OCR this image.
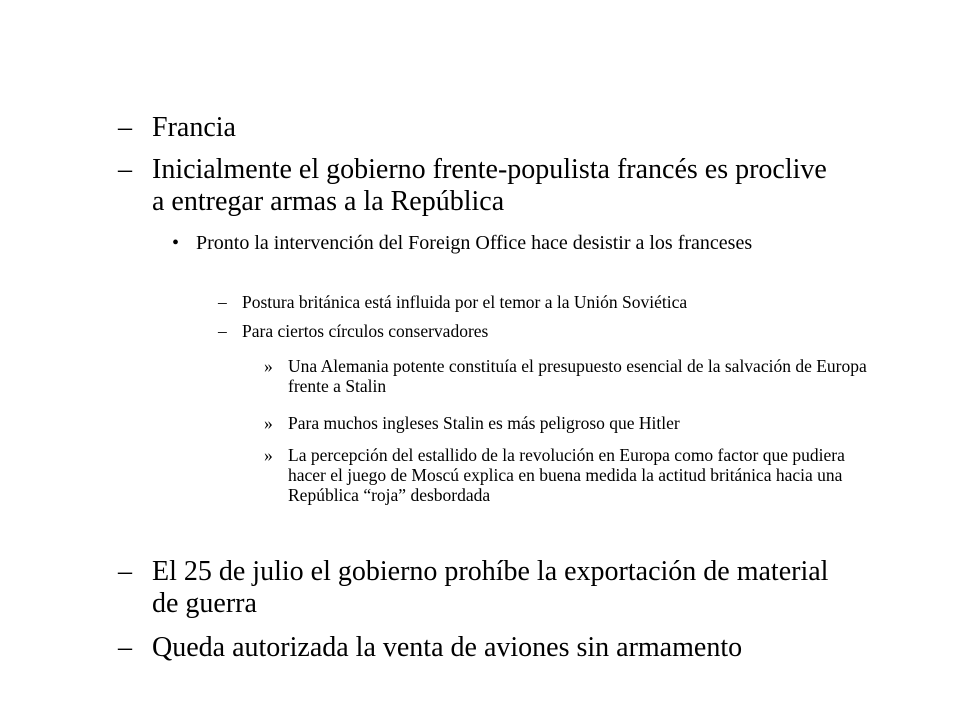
– Francia
– Inicialmente el gobierno frente-populista francés es proclive a entregar armas a la República
• Pronto la intervención del Foreign Office hace desistir a los franceses
– Postura británica está influida por el temor a la Unión Soviética
– Para ciertos círculos conservadores
» Una Alemania potente constituía el presupuesto esencial de la salvación de Europa frente a Stalin
» Para muchos ingleses Stalin es más peligroso que Hitler
» La percepción del estallido de la revolución en Europa como factor que pudiera hacer el juego de Moscú explica en buena medida la actitud británica hacia una República “roja” desbordada
– El 25 de julio el gobierno prohíbe la exportación de material de guerra
– Queda autorizada la venta de aviones sin armamento
